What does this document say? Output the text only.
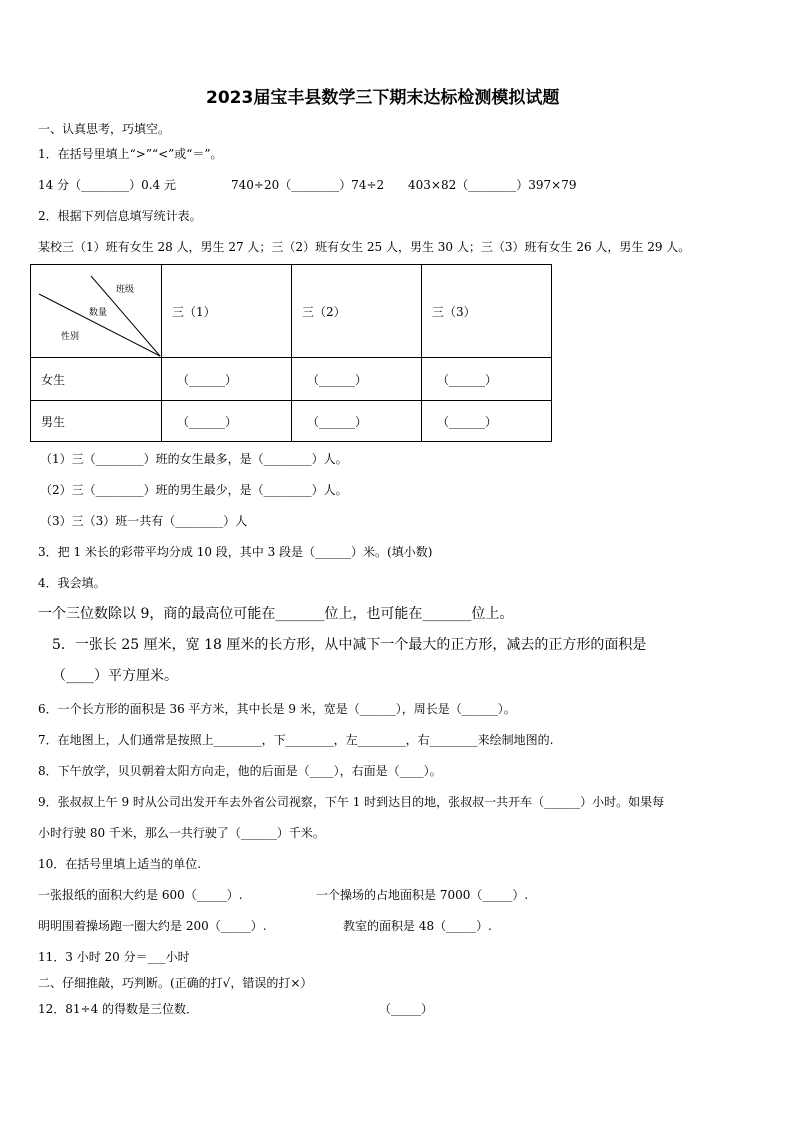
2023届宝丰县数学三下期末达标检测模拟试题
一、认真思考，巧填空。
1．在括号里填上“>”“<”或“＝”。
14 分（________）0.4 元	740÷20（________）74÷2 403×82（________）397×79
2．根据下列信息填写统计表。
某校三（1）班有女生 28 人，男生 27 人；三（2）班有女生 25 人，男生 30 人；三（3）班有女生 26 人，男生 29 人。
班级
数量
性别	三（1）	三（2）	三（3）
女生	（______）	（______）	（______）
男生	（______）	（______）	（______）
（1）三（________）班的女生最多，是（________）人。
（2）三（________）班的男生最少，是（________）人。
（3）三（3）班一共有（________）人
3．把 1 米长的彩带平均分成 10 段，其中 3 段是（______）米。(填小数)
4．我会填。
一个三位数除以 9，商的最高位可能在_______位上，也可能在_______位上。
5．一张长 25 厘米，宽 18 厘米的长方形，从中减下一个最大的正方形，减去的正方形的面积是
（____）平方厘米。
6．一个长方形的面积是 36 平方米，其中长是 9 米，宽是（______），周长是（______）。
7．在地图上，人们通常是按照上________，下________，左________，右________来绘制地图的.
8．下午放学，贝贝朝着太阳方向走，他的后面是（____），右面是（____）。
9．张叔叔上午 9 时从公司出发开车去外省公司视察，下午 1 时到达目的地，张叔叔一共开车（______）小时。如果每
小时行驶 80 千米，那么一共行驶了（______）千米。
10．在括号里填上适当的单位.
一张报纸的面积大约是 600（_____）.	一个操场的占地面积是 7000（_____）.
明明围着操场跑一圈大约是 200（_____）.	教室的面积是 48（_____）.
11．3 小时 20 分＝___小时
二、仔细推敲，巧判断。(正确的打√，错误的打×）
12．81÷4 的得数是三位数．	（_____）
